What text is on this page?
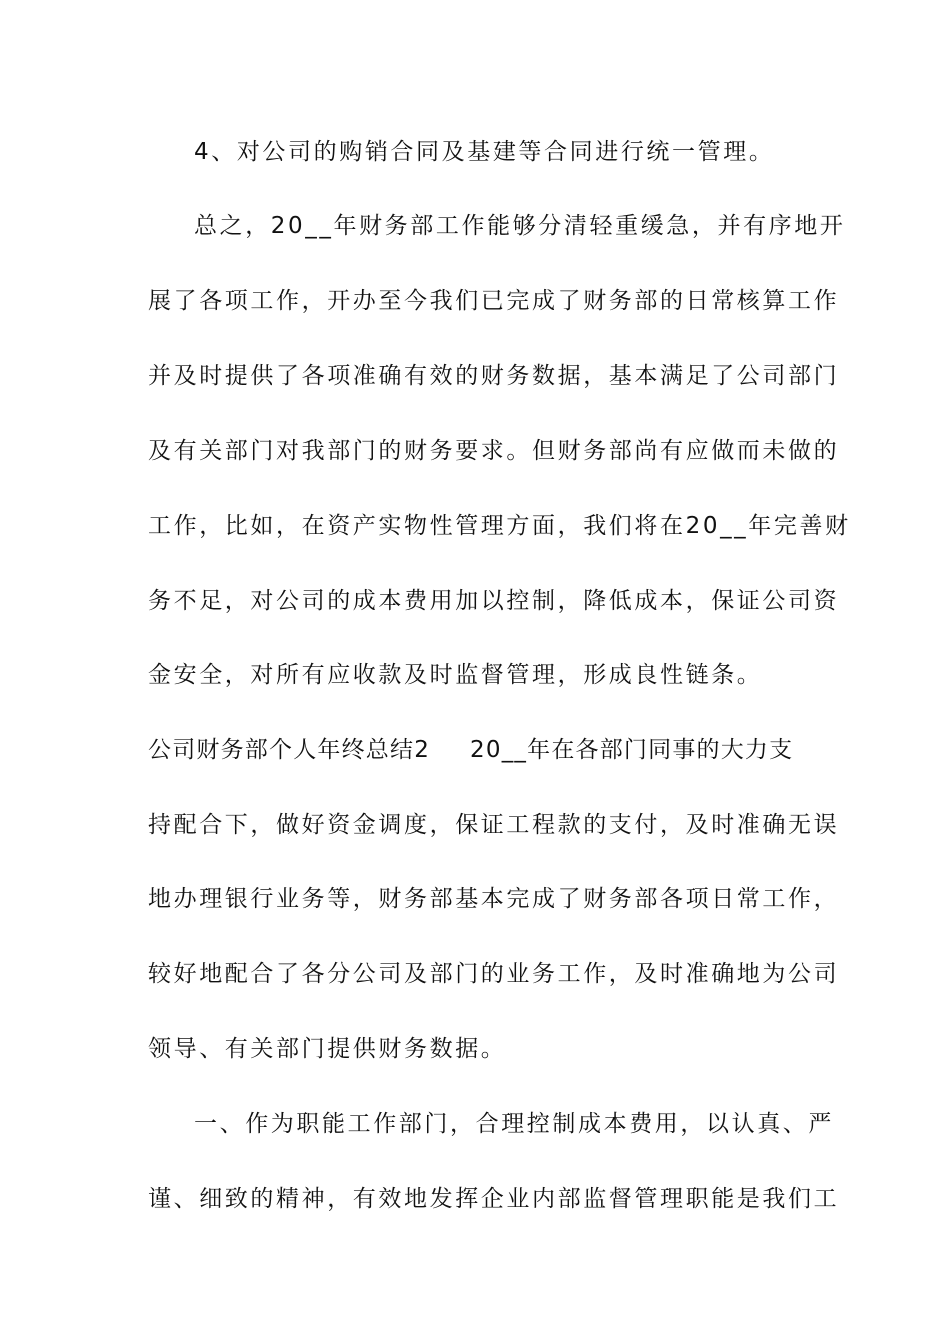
4、对公司的购销合同及基建等合同进行统一管理。
总之，20__年财务部工作能够分清轻重缓急，并有序地开
展了各项工作，开办至今我们已完成了财务部的日常核算工作
并及时提供了各项准确有效的财务数据，基本满足了公司部门
及有关部门对我部门的财务要求。但财务部尚有应做而未做的
工作，比如，在资产实物性管理方面，我们将在20__年完善财
务不足，对公司的成本费用加以控制，降低成本，保证公司资
金安全，对所有应收款及时监督管理，形成良性链条。
公司财务部个人年终总结2 20__年在各部门同事的大力支
持配合下，做好资金调度，保证工程款的支付，及时准确无误
地办理银行业务等，财务部基本完成了财务部各项日常工作，
较好地配合了各分公司及部门的业务工作，及时准确地为公司
领导、有关部门提供财务数据。
一、作为职能工作部门，合理控制成本费用，以认真、严
谨、细致的精神，有效地发挥企业内部监督管理职能是我们工
